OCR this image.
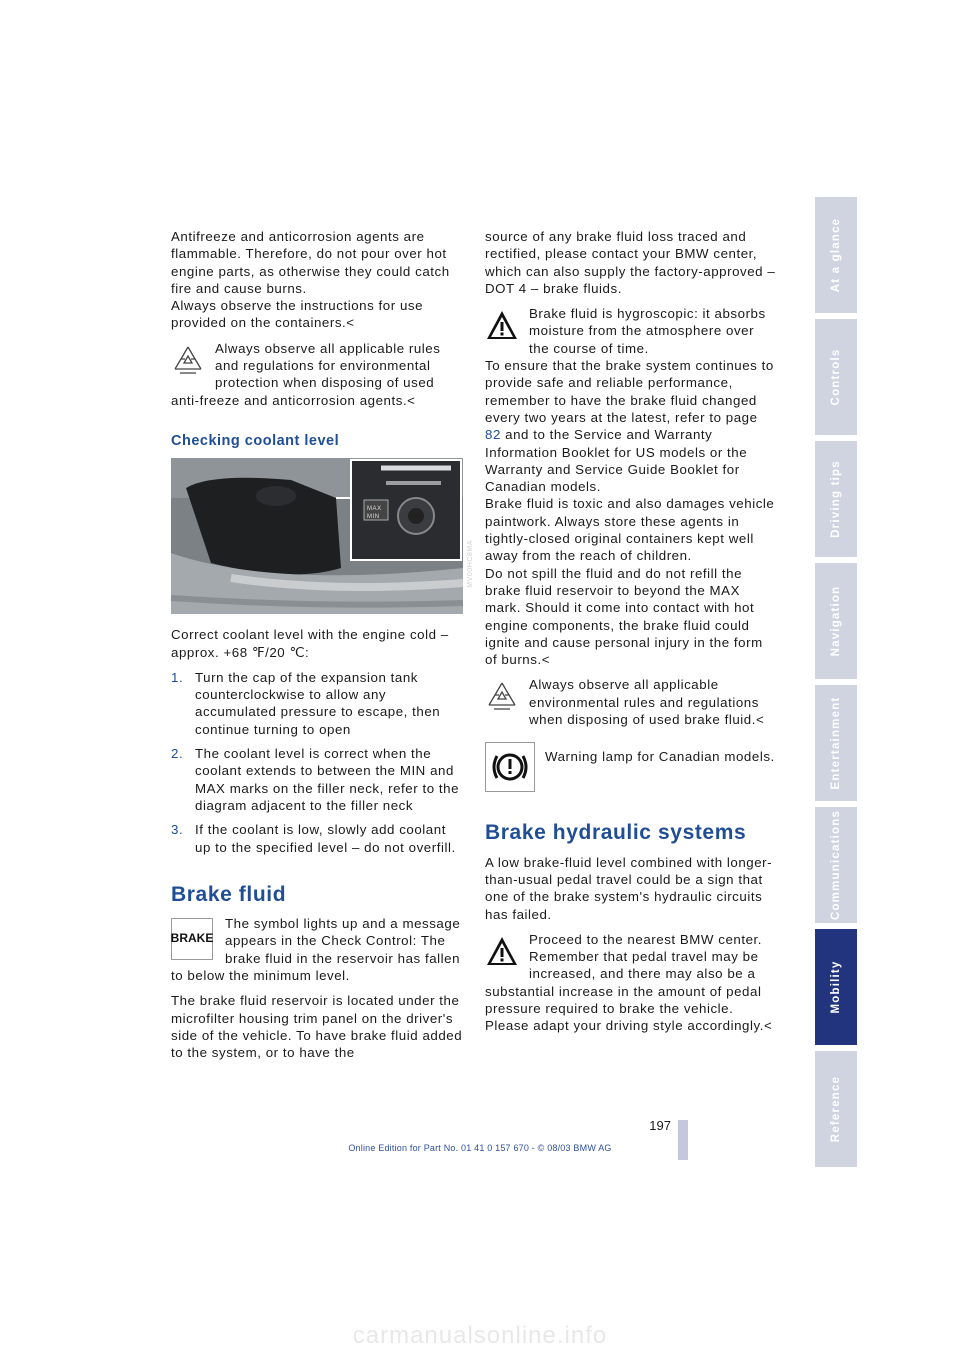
Antifreeze and anticorrosion agents are flammable. Therefore, do not pour over hot engine parts, as otherwise they could catch fire and cause burns.

Always observe the instructions for use provided on the containers.<

Always observe all applicable rules and regulations for environmental protection when disposing of used anti-freeze and anticorrosion agents.<
Checking coolant level
MAX
MIN
MV00HC8MA

Correct coolant level with the engine cold – approx. +68 ℉/20 ℃:

1. Turn the cap of the expansion tank counterclockwise to allow any accumulated pressure to escape, then continue turning to open
2. The coolant level is correct when the coolant extends to between the MIN and MAX marks on the filler neck, refer to the diagram adjacent to the filler neck
3. If the coolant is low, slowly add coolant up to the specified level – do not overfill.
Brake fluid
BRAKE
The symbol lights up and a message appears in the Check Control: The brake fluid in the reservoir has fallen to below the minimum level.

The brake fluid reservoir is located under the microfilter housing trim panel on the driver's side of the vehicle. To have brake fluid added to the system, or to have the

source of any brake fluid loss traced and rectified, please contact your BMW center, which can also supply the factory-approved – DOT 4 – brake fluids.

Brake fluid is hygroscopic: it absorbs moisture from the atmosphere over the course of time.
To ensure that the brake system continues to provide safe and reliable performance, remember to have the brake fluid changed every two years at the latest, refer to page 82 and to the Service and Warranty Information Booklet for US models or the Warranty and Service Guide Booklet for Canadian models.
Brake fluid is toxic and also damages vehicle paintwork. Always store these agents in tightly-closed original containers kept well away from the reach of children.
Do not spill the fluid and do not refill the brake fluid reservoir to beyond the MAX mark. Should it come into contact with hot engine components, the brake fluid could ignite and cause personal injury in the form of burns.<
Always observe all applicable environmental rules and regulations when disposing of used brake fluid.<
Warning lamp for Canadian models.
Brake hydraulic systems

A low brake-fluid level combined with longer-than-usual pedal travel could be a sign that one of the brake system's hydraulic circuits has failed.

Proceed to the nearest BMW center. Remember that pedal travel may be increased, and there may also be a substantial increase in the amount of pedal pressure required to brake the vehicle. Please adapt your driving style accordingly.<
At a glance
Controls
Driving tips
Navigation
Entertainment
Communications
Mobility
Reference
197
Online Edition for Part No. 01 41 0 157 670 - © 08/03 BMW AG
carmanualsonline.info
